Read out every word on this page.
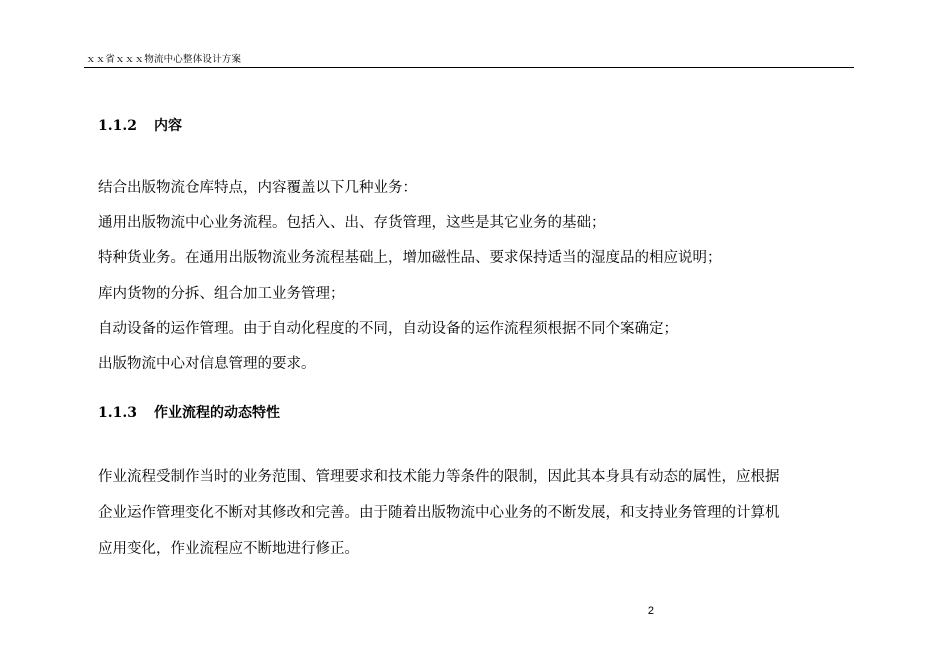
ｘｘ省ｘｘｘ物流中心整体设计方案
1.1.2	内容
结合出版物流仓库特点，内容覆盖以下几种业务：
通用出版物流中心业务流程。包括入、出、存货管理，这些是其它业务的基础；
特种货业务。在通用出版物流业务流程基础上，增加磁性品、要求保持适当的湿度品的相应说明；
库内货物的分拆、组合加工业务管理；
自动设备的运作管理。由于自动化程度的不同，自动设备的运作流程须根据不同个案确定；
出版物流中心对信息管理的要求。
1.1.3	作业流程的动态特性
作业流程受制作当时的业务范围、管理要求和技术能力等条件的限制，因此其本身具有动态的属性，应根据
企业运作管理变化不断对其修改和完善。由于随着出版物流中心业务的不断发展，和支持业务管理的计算机
应用变化，作业流程应不断地进行修正。
2
